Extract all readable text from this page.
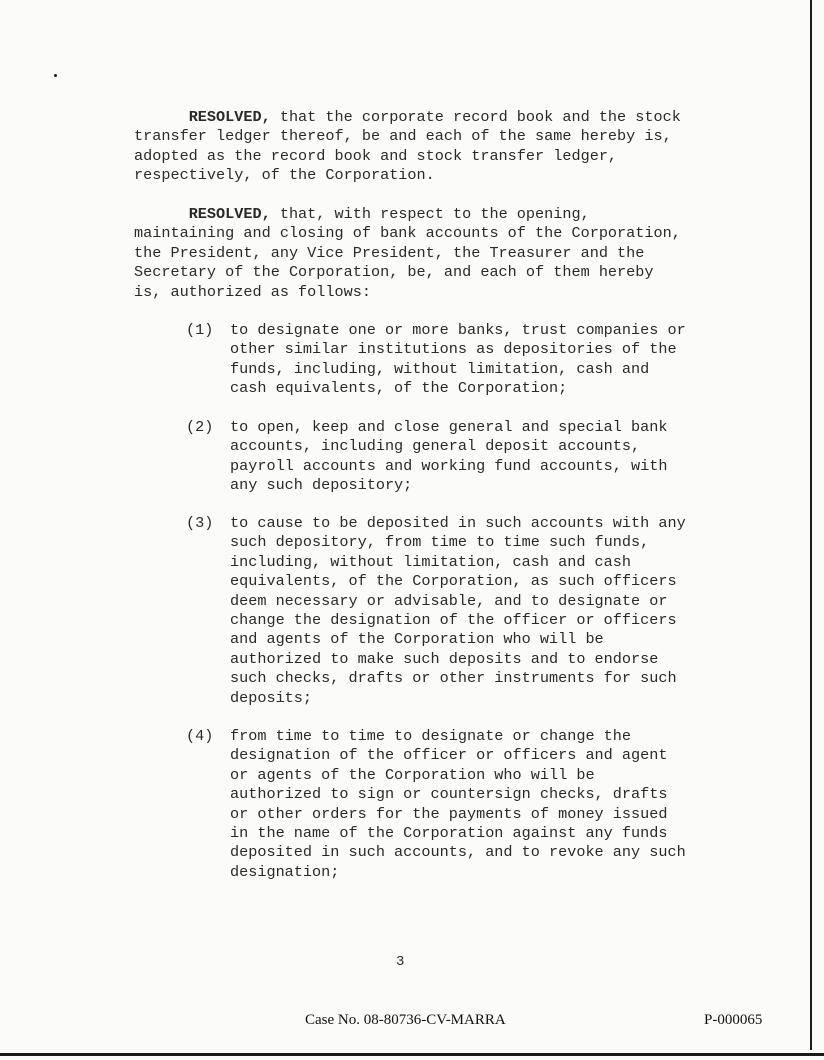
RESOLVED, that the corporate record book and the stock
transfer ledger thereof, be and each of the same hereby is,
adopted as the record book and stock transfer ledger,
respectively, of the Corporation.
RESOLVED, that, with respect to the opening,
maintaining and closing of bank accounts of the Corporation,
the President, any Vice President, the Treasurer and the
Secretary of the Corporation, be, and each of them hereby
is, authorized as follows:
(1) to designate one or more banks, trust companies or
other similar institutions as depositories of the
funds, including, without limitation, cash and
cash equivalents, of the Corporation;
(2) to open, keep and close general and special bank
accounts, including general deposit accounts,
payroll accounts and working fund accounts, with
any such depository;
(3) to cause to be deposited in such accounts with any
such depository, from time to time such funds,
including, without limitation, cash and cash
equivalents, of the Corporation, as such officers
deem necessary or advisable, and to designate or
change the designation of the officer or officers
and agents of the Corporation who will be
authorized to make such deposits and to endorse
such checks, drafts or other instruments for such
deposits;
(4) from time to time to designate or change the
designation of the officer or officers and agent
or agents of the Corporation who will be
authorized to sign or countersign checks, drafts
or other orders for the payments of money issued
in the name of the Corporation against any funds
deposited in such accounts, and to revoke any such
designation;
3
Case No. 08-80736-CV-MARRA	P-000065
